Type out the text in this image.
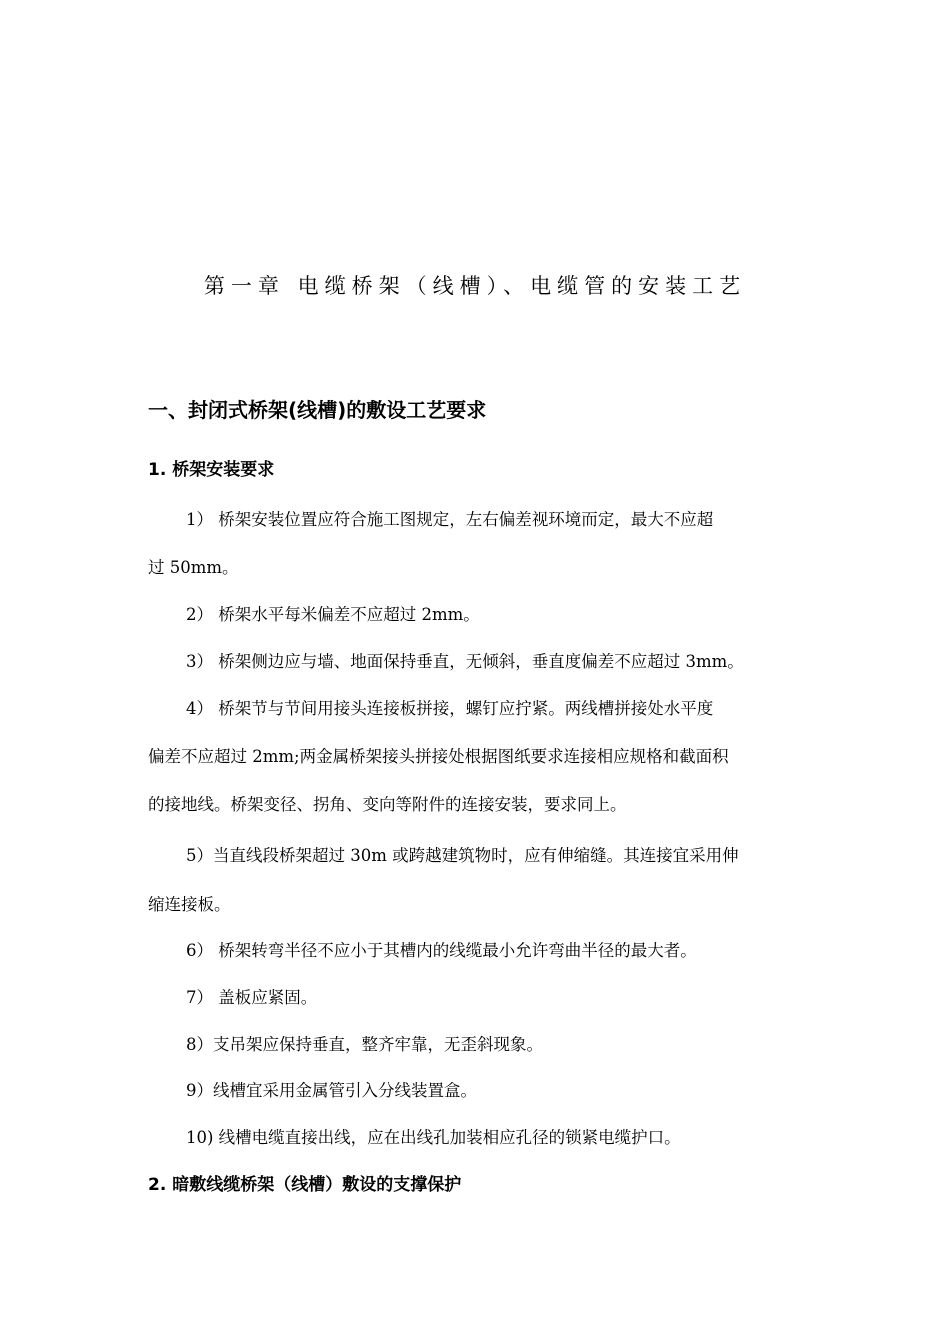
第一章 电缆桥架（线槽）、电缆管的安装工艺
一、封闭式桥架(线槽)的敷设工艺要求
1. 桥架安装要求
1） 桥架安装位置应符合施工图规定，左右偏差视环境而定，最大不应超
过 50mm。
2） 桥架水平每米偏差不应超过 2mm。
3） 桥架侧边应与墙、地面保持垂直，无倾斜，垂直度偏差不应超过 3mm。
4） 桥架节与节间用接头连接板拼接，螺钉应拧紧。两线槽拼接处水平度
偏差不应超过 2mm;两金属桥架接头拼接处根据图纸要求连接相应规格和截面积
的接地线。桥架变径、拐角、变向等附件的连接安装，要求同上。
5）当直线段桥架超过 30m 或跨越建筑物时，应有伸缩缝。其连接宜采用伸
缩连接板。
6） 桥架转弯半径不应小于其槽内的线缆最小允许弯曲半径的最大者。
7） 盖板应紧固。
8）支吊架应保持垂直，整齐牢靠，无歪斜现象。
9）线槽宜采用金属管引入分线装置盒。
10) 线槽电缆直接出线，应在出线孔加装相应孔径的锁紧电缆护口。
2. 暗敷线缆桥架（线槽）敷设的支撑保护
